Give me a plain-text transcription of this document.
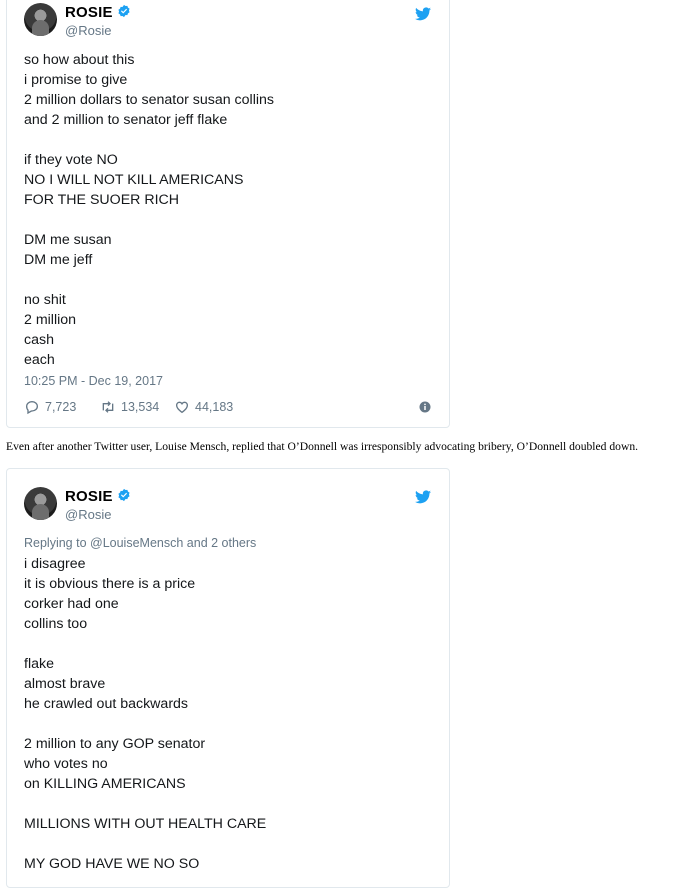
ROSIE
@Rosie
so how about this
i promise to give
2 million dollars to senator susan collins
and 2 million to senator jeff flake

if they vote NO
NO I WILL NOT KILL AMERICANS
FOR THE SUOER RICH

DM me susan
DM me jeff

no shit
2 million
cash
each
10:25 PM - Dec 19, 2017
7,723	13,534	44,183
Even after another Twitter user, Louise Mensch, replied that O’Donnell was irresponsibly advocating bribery, O’Donnell doubled down.
ROSIE
@Rosie
Replying to @LouiseMensch and 2 others
i disagree
it is obvious there is a price
corker had one
collins too

flake
almost brave
he crawled out backwards

2 million to any GOP senator
who votes no
on KILLING AMERICANS

MILLIONS WITH OUT HEALTH CARE

MY GOD HAVE WE NO SO
